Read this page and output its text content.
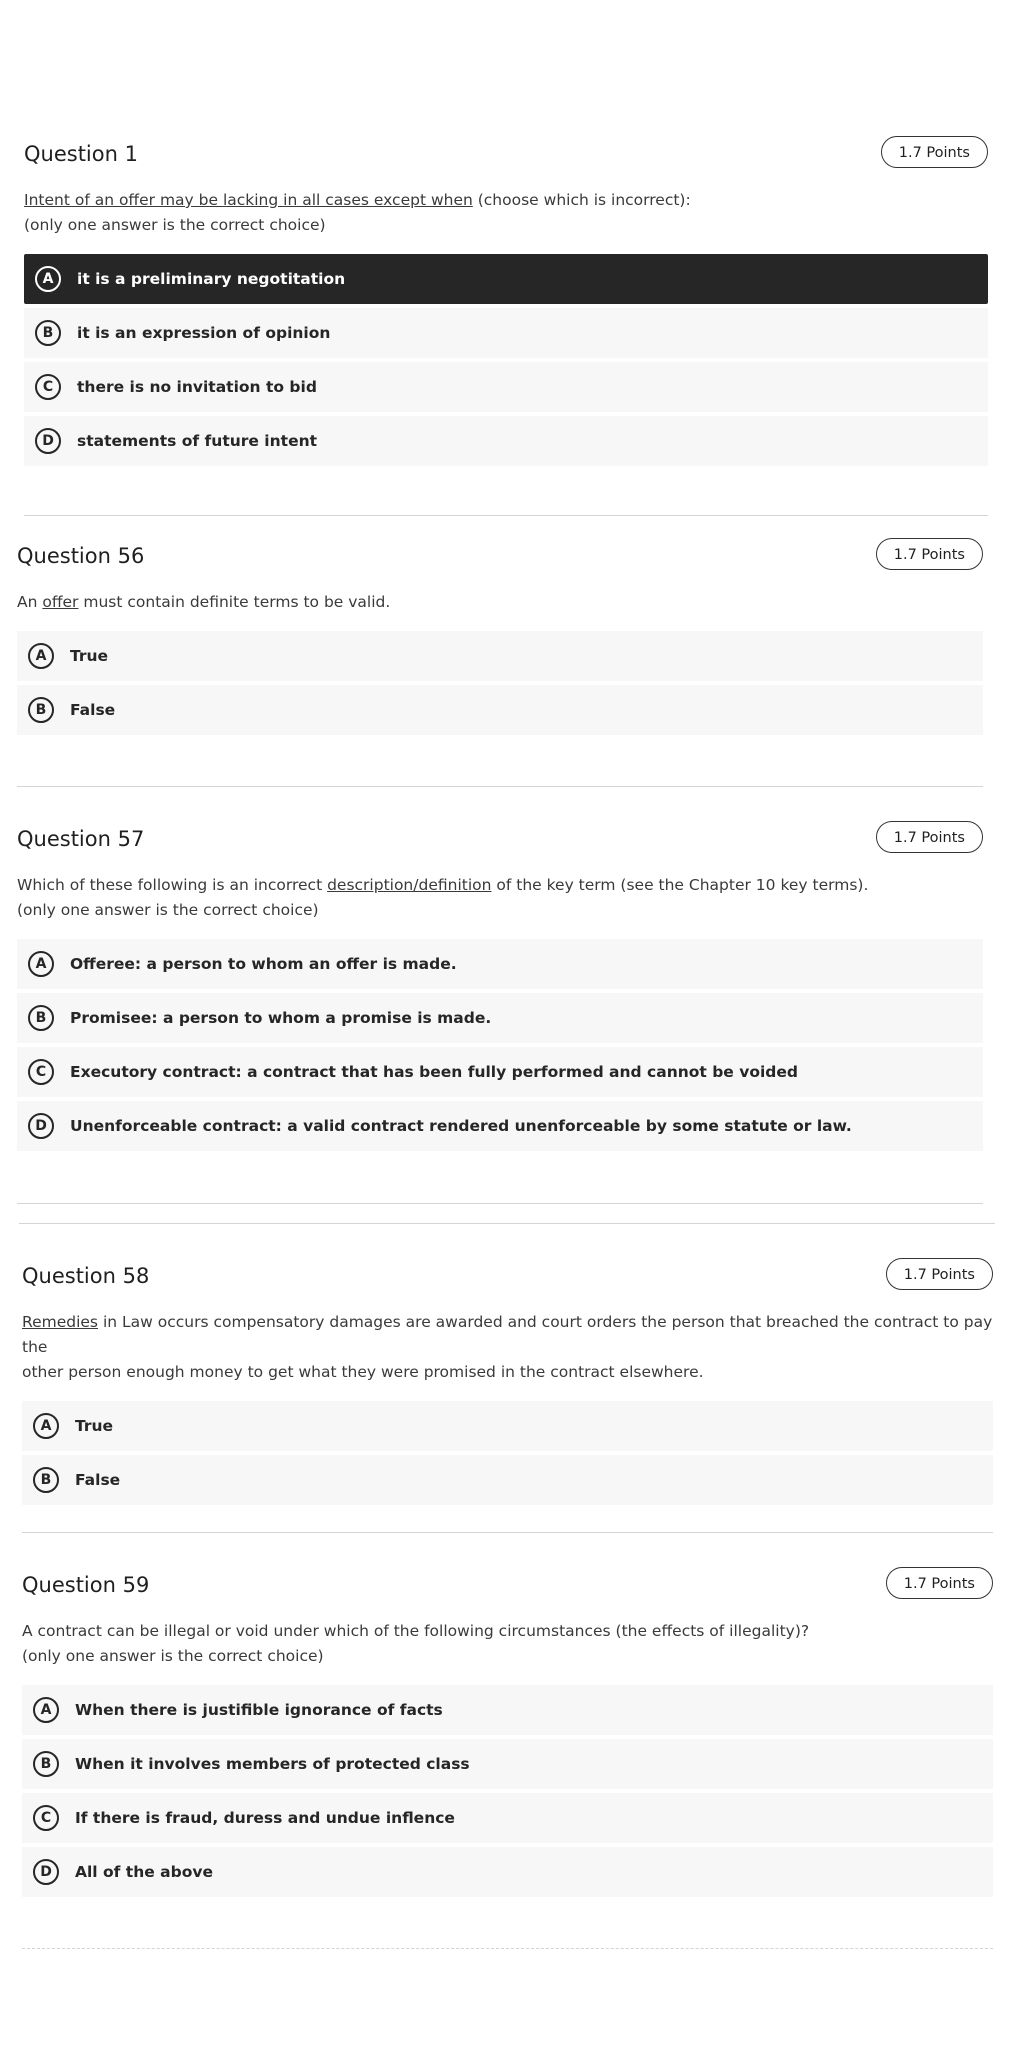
Question 1	1.7 Points
Intent of an offer may be lacking in all cases except when (choose which is incorrect):
(only one answer is the correct choice)
A	it is a preliminary negotitation
B	it is an expression of opinion
C	there is no invitation to bid
D	statements of future intent
Question 56	1.7 Points
An offer must contain definite terms to be valid.
A	True
B	False
Question 57	1.7 Points
Which of these following is an incorrect description/definition of the key term (see the Chapter 10 key terms).
(only one answer is the correct choice)
A	Offeree: a person to whom an offer is made.
B	Promisee: a person to whom a promise is made.
C	Executory contract: a contract that has been fully performed and cannot be voided
D	Unenforceable contract: a valid contract rendered unenforceable by some statute or law.
Question 58	1.7 Points
Remedies in Law occurs compensatory damages are awarded and court orders the person that breached the contract to pay the
other person enough money to get what they were promised in the contract elsewhere.
A	True
B	False
Question 59	1.7 Points
A contract can be illegal or void under which of the following circumstances (the effects of illegality)?
(only one answer is the correct choice)
A	When there is justifible ignorance of facts
B	When it involves members of protected class
C	If there is fraud, duress and undue inflence
D	All of the above
